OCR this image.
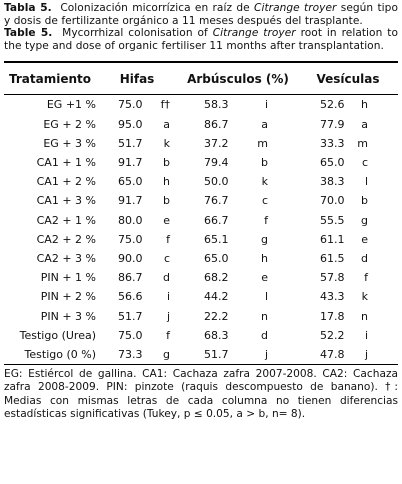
Tabla 5. Colonización micorrízica en raíz de Citrange troyer según tipo y dosis de fertilizante orgánico a 11 meses después del trasplante.

Table 5. Mycorrhizal colonisation of Citrange troyer root in relation to the type and dose of organic fertiliser 11 months after transplantation.

Tratamiento	Hifas	Arbúsculos (%)	Vesículas
EG +1 %	75.0 f†	58.3 i	52.6 h

EG + 2 %	95.0 a	86.7 a	77.9 a

EG + 3 %	51.7 k	37.2 m	33.3 m

CA1 + 1 %	91.7 b	79.4 b	65.0 c

CA1 + 2 %	65.0 h	50.0 k	38.3 l

CA1 + 3 %	91.7 b	76.7 c	70.0 b

CA2 + 1 %	80.0 e	66.7 f	55.5 g

CA2 + 2 %	75.0 f	65.1 g	61.1 e

CA2 + 3 %	90.0 c	65.0 h	61.5 d

PIN + 1 %	86.7 d	68.2 e	57.8 f

PIN + 2 %	56.6 i	44.2 l	43.3 k

PIN + 3 %	51.7 j	22.2 n	17.8 n

Testigo (Urea)	75.0 f	68.3 d	52.2 i

Testigo (0 %)	73.3 g	51.7 j	47.8 j

EG: Estiércol de gallina. CA1: Cachaza zafra 2007-2008. CA2: Cachaza zafra 2008-2009. PIN: pinzote (raquis descompuesto de banano). †: Medias con mismas letras de cada columna no tienen diferencias estadísticas significativas (Tukey, p ≤ 0.05, a > b, n= 8).
